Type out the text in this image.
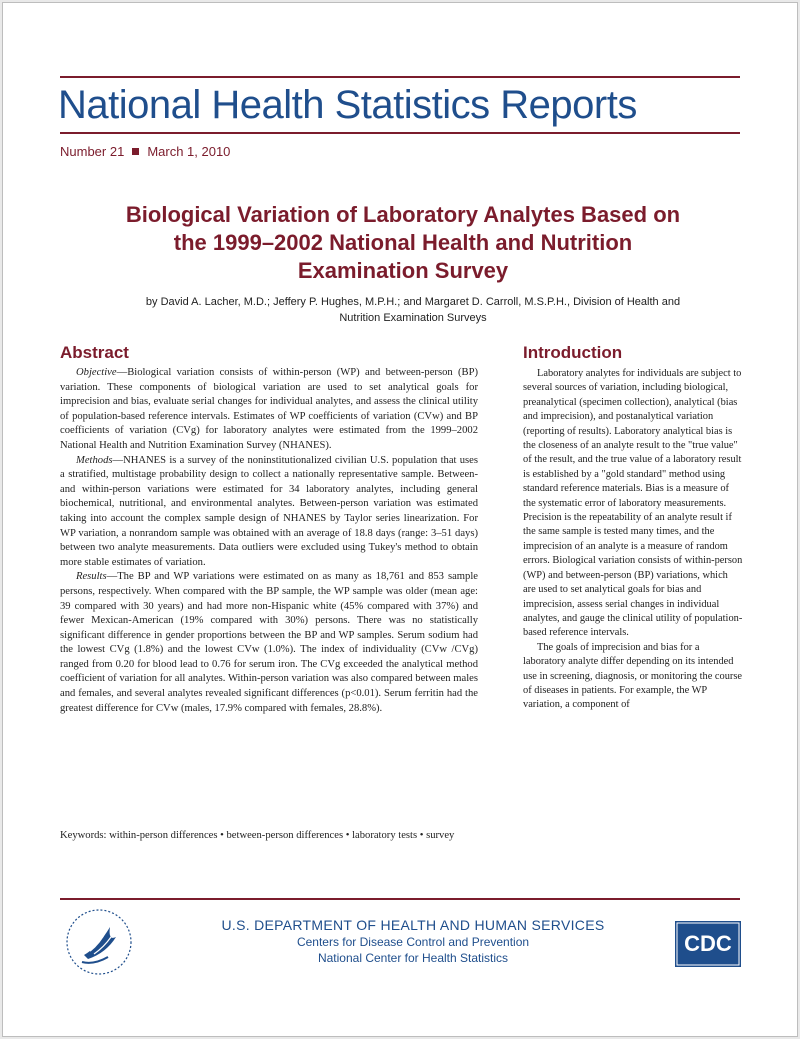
National Health Statistics Reports
Number 21 March 1, 2010
Biological Variation of Laboratory Analytes Based on
the 1999–2002 National Health and Nutrition
Examination Survey
by David A. Lacher, M.D.; Jeffery P. Hughes, M.P.H.; and Margaret D. Carroll, M.S.P.H., Division of Health and
Nutrition Examination Surveys
Abstract	Introduction

Objective—Biological variation consists of within-person (WP) and between-person (BP) variation. These components of biological variation are used to set analytical goals for imprecision and bias, evaluate serial changes for individual analytes, and assess the clinical utility of population-based reference intervals. Estimates of WP coefficients of variation (CVw) and BP coefficients of variation (CVg) for laboratory analytes were estimated from the 1999–2002 National Health and Nutrition Examination Survey (NHANES).

Methods—NHANES is a survey of the noninstitutionalized civilian U.S. population that uses a stratified, multistage probability design to collect a nationally representative sample. Between- and within-person variations were estimated for 34 laboratory analytes, including general biochemical, nutritional, and environmental analytes. Between-person variation was estimated taking into account the complex sample design of NHANES by Taylor series linearization. For WP variation, a nonrandom sample was obtained with an average of 18.8 days (range: 3–51 days) between two analyte measurements. Data outliers were excluded using Tukey's method to obtain more stable estimates of variation.

Results—The BP and WP variations were estimated on as many as 18,761 and 853 sample persons, respectively. When compared with the BP sample, the WP sample was older (mean age: 39 compared with 30 years) and had more non-Hispanic white (45% compared with 37%) and fewer Mexican-American (19% compared with 30%) persons. There was no statistically significant difference in gender proportions between the BP and WP samples. Serum sodium had the lowest CVg (1.8%) and the lowest CVw (1.0%). The index of individuality (CVw /CVg) ranged from 0.20 for blood lead to 0.76 for serum iron. The CVg exceeded the analytical method coefficient of variation for all analytes. Within-person variation was also compared between males and females, and several analytes revealed significant differences (p<0.01). Serum ferritin had the greatest difference for CVw (males, 17.9% compared with females, 28.8%).

Keywords: within-person differences • between-person differences • laboratory tests • survey

Laboratory analytes for individuals are subject to several sources of variation, including biological, preanalytical (specimen collection), analytical (bias and imprecision), and postanalytical variation (reporting of results). Laboratory analytical bias is the closeness of an analyte result to the "true value" of the result, and the true value of a laboratory result is established by a "gold standard" method using standard reference materials. Bias is a measure of the systematic error of laboratory measurements. Precision is the repeatability of an analyte result if the same sample is tested many times, and the imprecision of an analyte is a measure of random errors. Biological variation consists of within-person (WP) and between-person (BP) variations, which are used to set analytical goals for bias and imprecision, assess serial changes in individual analytes, and gauge the clinical utility of population-based reference intervals.

The goals of imprecision and bias for a laboratory analyte differ depending on its intended use in screening, diagnosis, or monitoring the course of diseases in patients. For example, the WP variation, a component of

U.S. DEPARTMENT OF HEALTH AND HUMAN SERVICES
Centers for Disease Control and Prevention
National Center for Health Statistics
CDC
